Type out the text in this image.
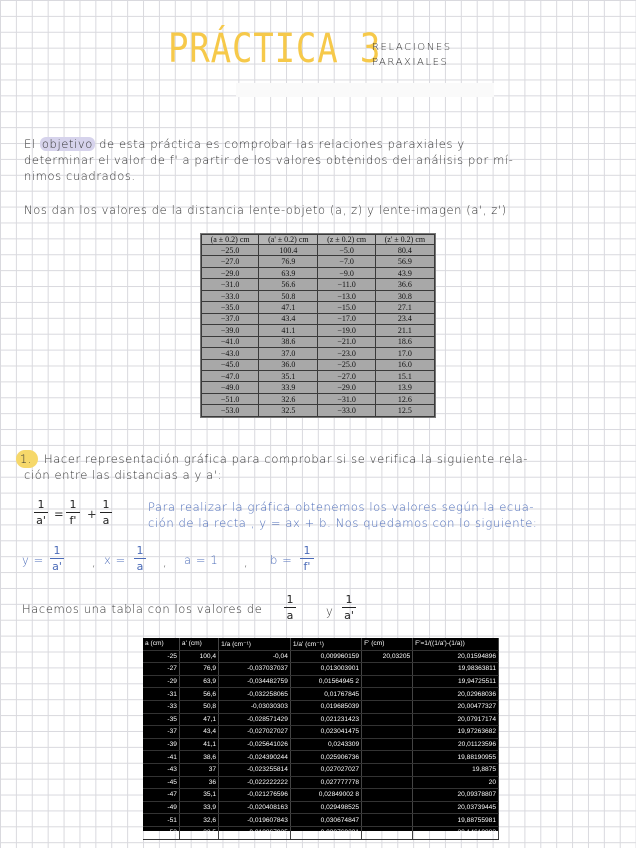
PRÁCTICA 3
RELACIONES
PARAXIALES
El objetivo de esta práctica es comprobar las relaciones paraxiales y
determinar el valor de f' a partir de los valores obtenidos del análisis por mí-
nimos cuadrados.
Nos dan los valores de la distancia lente-objeto (a, z) y lente-imagen (a', z')
(a ± 0.2) cm	(a' ± 0.2) cm	(z ± 0.2) cm	(z' ± 0.2) cm
−25.0	100.4	−5.0	80.4
−27.0	76.9	−7.0	56.9
−29.0	63.9	−9.0	43.9
−31.0	56.6	−11.0	36.6
−33.0	50.8	−13.0	30.8
−35.0	47.1	−15.0	27.1
−37.0	43.4	−17.0	23.4
−39.0	41.1	−19.0	21.1
−41.0	38.6	−21.0	18.6
−43.0	37.0	−23.0	17.0
−45.0	36.0	−25.0	16.0
−47.0	35.1	−27.0	15.1
−49.0	33.9	−29.0	13.9
−51.0	32.6	−31.0	12.6
−53.0	32.5	−33.0	12.5
1. Hacer representación gráfica para comprobar si se verifica la siguiente rela-
ción entre las distancias a y a':
1
a' =
1
f' +
1
a
Para realizar la gráfica obtenemos los valores según la ecua-
ción de la recta , y = ax + b. Nos quedamos con lo siguiente:
y =
1
a'	, x =
1
a , a = 1 , b =
1
f'
Hacemos una tabla con los valores de
1
a	y
1
a'
a (cm)	a' (cm)	1/a (cm⁻¹)	1/a' (cm⁻¹)	F' (cm)	F'=1/((1/a')-(1/a))
-25	100,4	-0,04	0,009960159	20,03205	20,01594896
-27	76,9	-0,037037037	0,013003901		19,98363811
-29	63,9	-0,034482759	0,01564945 2		19,94725511
-31	56,6	-0,032258065	0,01767845		20,02968036
-33	50,8	-0,03030303	0,019685039		20,00477327
-35	47,1	-0,028571429	0,021231423		20,07917174
-37	43,4	-0,027027027	0,023041475		19,97263682
-39	41,1	-0,025641026	0,0243309		20,01123596
-41	38,6	-0,024390244	0,025906736		19,88190955
-43	37	-0,023255814	0,027027027		19,8875
-45	36	-0,022222222	0,027777778		20
-47	35,1	-0,021276596	0,02849002 8		20,09378807
-49	33,9	-0,020408163	0,029498525		20,03739445
-51	32,6	-0,019607843	0,030674847		19,88755981
-53	32,5	-0,018867925	0,030769231		20,14619883
